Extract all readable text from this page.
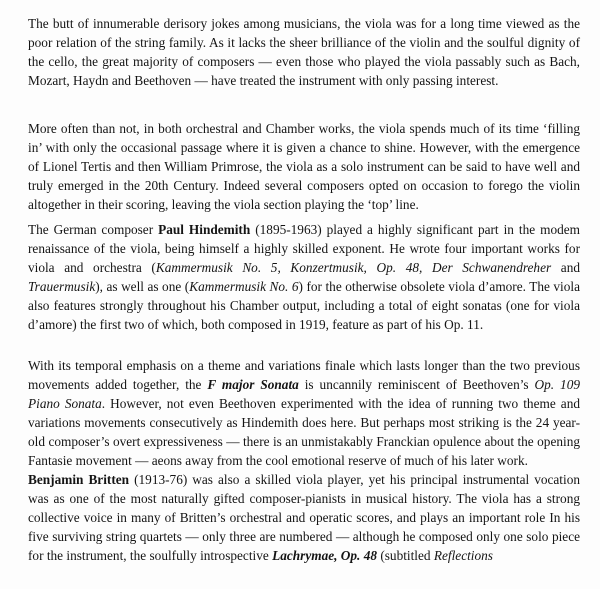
The butt of innumerable derisory jokes among musicians, the viola was for a long time viewed as the poor relation of the string family. As it lacks the sheer brilliance of the violin and the soulful dignity of the cello, the great majority of composers — even those who played the viola passably such as Bach, Mozart, Haydn and Beethoven — have treated the instrument with only passing interest.

More often than not, in both orchestral and Chamber works, the viola spends much of its time ‘filling in’ with only the occasional passage where it is given a chance to shine. However, with the emergence of Lionel Tertis and then William Primrose, the viola as a solo instrument can be said to have well and truly emerged in the 20th Century. Indeed several composers opted on occasion to forego the violin altogether in their scoring, leaving the viola section playing the ‘top’ line.

The German composer Paul Hindemith (1895-1963) played a highly significant part in the modem renaissance of the viola, being himself a highly skilled exponent. He wrote four important works for viola and orchestra (Kammermusik No. 5, Konzertmusik, Op. 48, Der Schwanendreher and Trauermusik), as well as one (Kammermusik No. 6) for the otherwise obsolete viola d’amore. The viola also features strongly throughout his Chamber output, including a total of eight sonatas (one for viola d’amore) the first two of which, both composed in 1919, feature as part of his Op. 11.

With its temporal emphasis on a theme and variations finale which lasts longer than the two previous movements added together, the F major Sonata is uncannily reminiscent of Beethoven’s Op. 109 Piano Sonata. However, not even Beethoven experimented with the idea of running two theme and variations movements consecutively as Hindemith does here. But perhaps most striking is the 24 year-old composer’s overt expressiveness — there is an unmistakably Franckian opulence about the opening Fantasie movement — aeons away from the cool emotional reserve of much of his later work.

Benjamin Britten (1913-76) was also a skilled viola player, yet his principal instrumental vocation was as one of the most naturally gifted composer-pianists in musical history. The viola has a strong collective voice in many of Britten’s orchestral and operatic scores, and plays an important role In his five surviving string quartets — only three are numbered — although he composed only one solo piece for the instrument, the soulfully introspective Lachrymae, Op. 48 (subtitled Reflections
